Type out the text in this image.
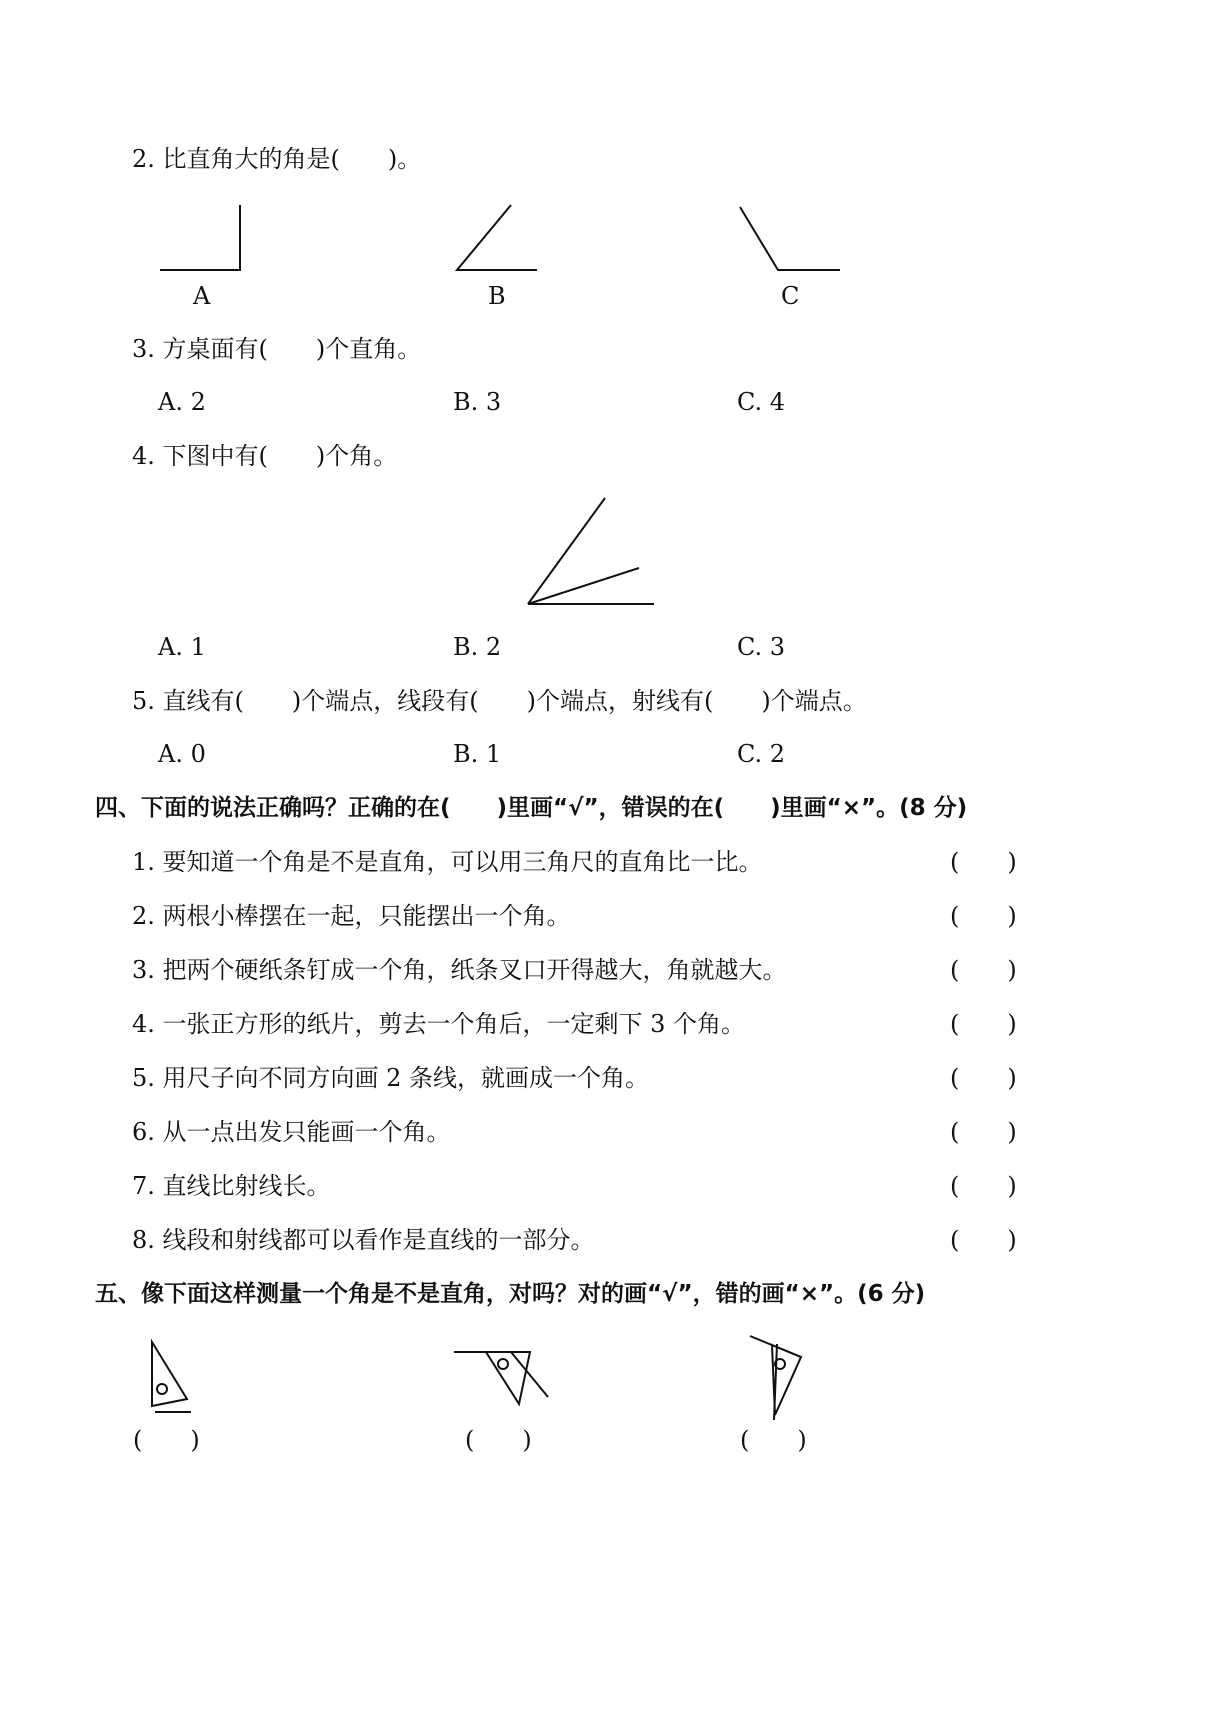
2. 比直角大的角是(　　)。
A	B	C
3. 方桌面有(　　)个直角。
A. 2	B. 3	C. 4
4. 下图中有(　　)个角。
A. 1	B. 2	C. 3
5. 直线有(　　)个端点，线段有(　　)个端点，射线有(　　)个端点。
A. 0	B. 1	C. 2
四、下面的说法正确吗？正确的在(　　)里画“√”，错误的在(　　)里画“×”。(8 分)
1. 要知道一个角是不是直角，可以用三角尺的直角比一比。	(　　)
2. 两根小棒摆在一起，只能摆出一个角。	(　　)
3. 把两个硬纸条钉成一个角，纸条叉口开得越大，角就越大。	(　　)
4. 一张正方形的纸片，剪去一个角后，一定剩下 3 个角。	(　　)
5. 用尺子向不同方向画 2 条线，就画成一个角。	(　　)
6. 从一点出发只能画一个角。	(　　)
7. 直线比射线长。	(　　)
8. 线段和射线都可以看作是直线的一部分。	(　　)
五、像下面这样测量一个角是不是直角，对吗？对的画“√”，错的画“×”。(6 分)
(　　)	(　　)	(　　)
